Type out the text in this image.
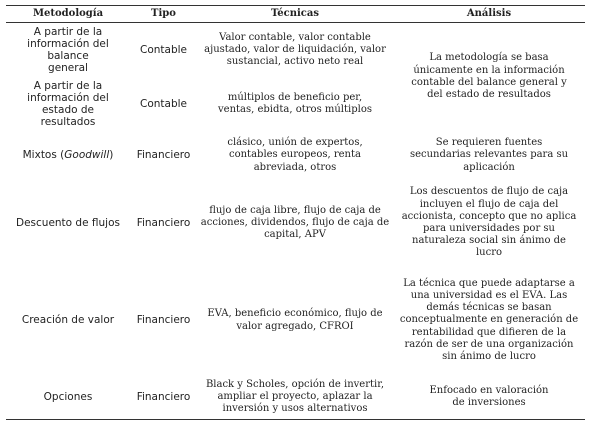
Metodología	Tipo	Técnicas	Análisis
A partir de la información del balance general	Contable	Valor contable, valor contable ajustado, valor de liquidación, valor sustancial, activo neto real	La metodología se basa únicamente en la información contable del balance general y del estado de resultados
A partir de la información del estado de resultados	Contable	múltiplos de beneficio per, ventas, ebidta, otros múltiplos	
Mixtos (Goodwill)	Financiero	clásico, unión de expertos, contables europeos, renta abreviada, otros	Se requieren fuentes secundarias relevantes para su aplicación
Descuento de flujos	Financiero	flujo de caja libre, flujo de caja de acciones, dividendos, flujo de caja de capital, APV	Los descuentos de flujo de caja incluyen el flujo de caja del accionista, concepto que no aplica para universidades por su naturaleza social sin ánimo de lucro
Creación de valor	Financiero	EVA, beneficio económico, flujo de valor agregado, CFROI	La técnica que puede adaptarse a una universidad es el EVA. Las demás técnicas se basan conceptualmente en generación de rentabilidad que difieren de la razón de ser de una organización sin ánimo de lucro
Opciones	Financiero	Black y Scholes, opción de invertir, ampliar el proyecto, aplazar la inversión y usos alternativos	Enfocado en valoración de inversiones
